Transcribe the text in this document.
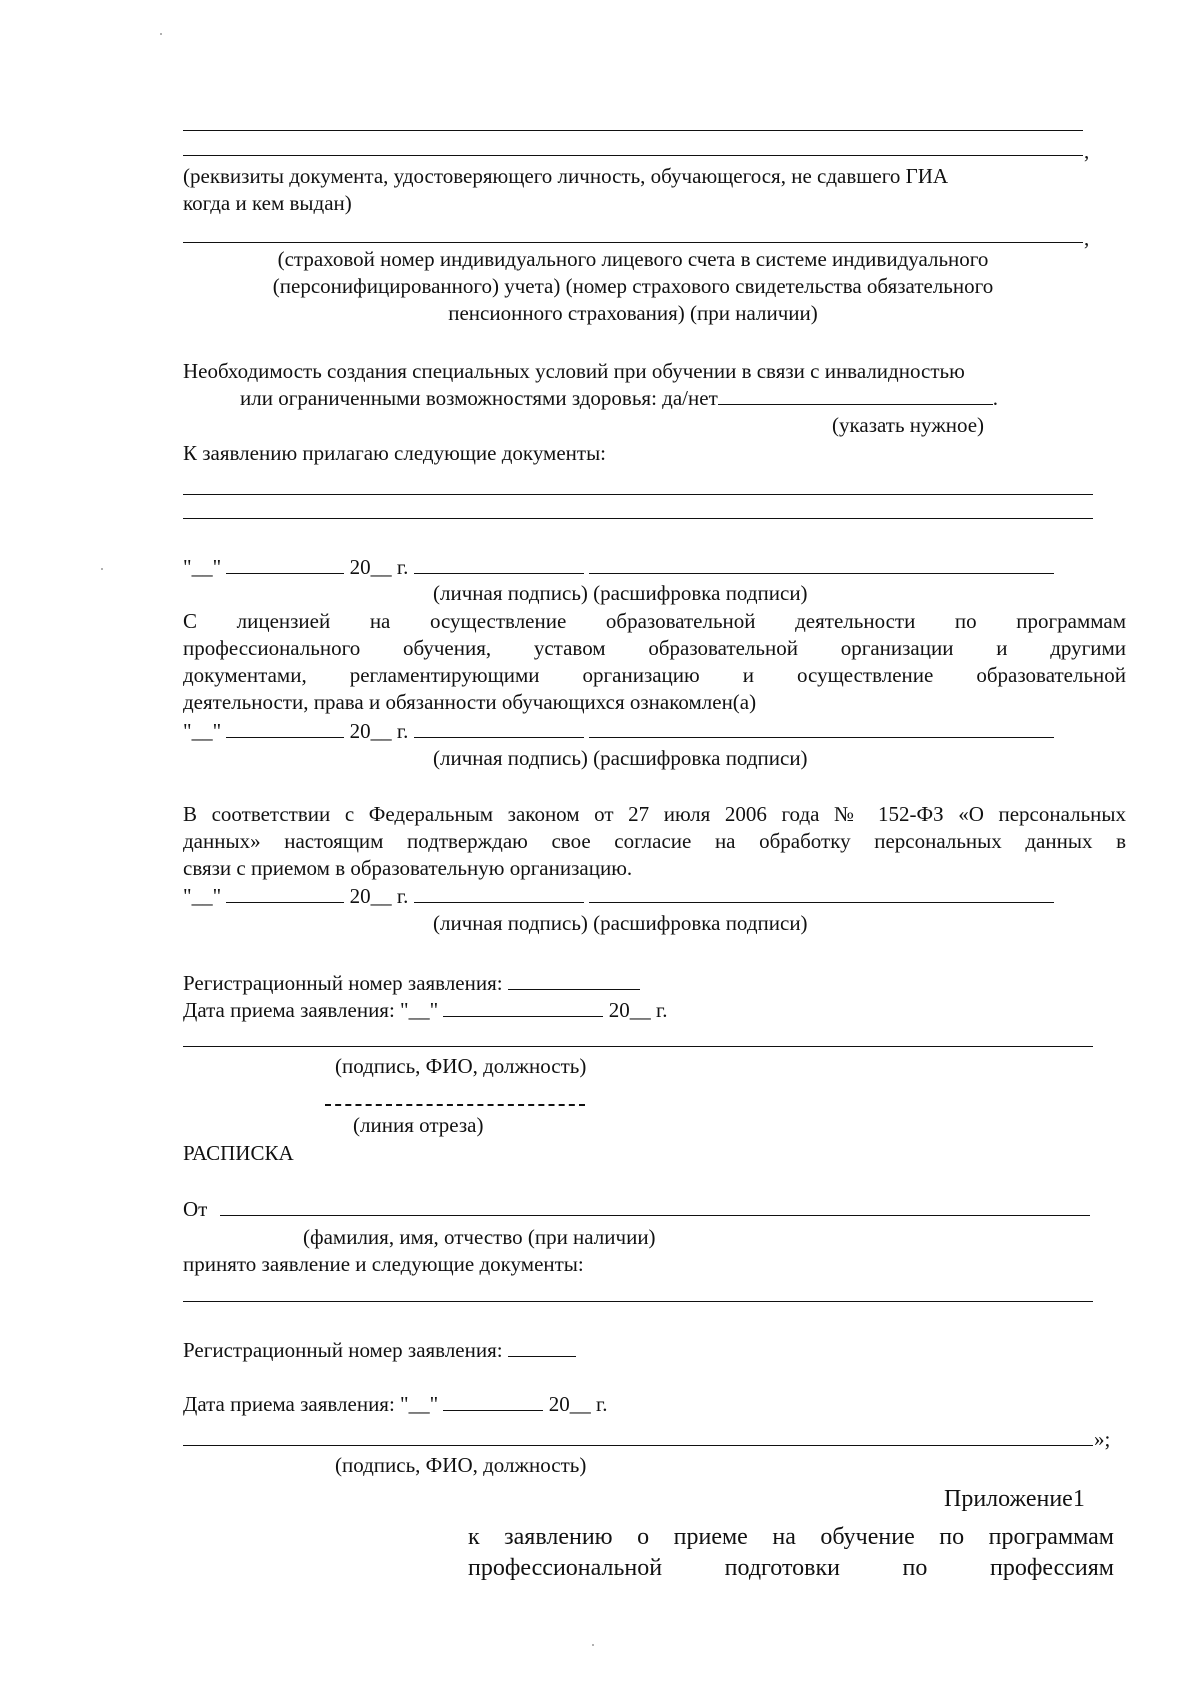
,
(реквизиты документа, удостоверяющего личность, обучающегося, не сдавшего ГИА
когда и кем выдан)
,
(страховой номер индивидуального лицевого счета в системе индивидуального
(персонифицированного) учета) (номер страхового свидетельства обязательного
пенсионного страхования) (при наличии)
Необходимость создания специальных условий при обучении в связи с инвалидностью
или ограниченными возможностями здоровья: да/нет	.
(указать нужное)
К заявлению прилагаю следующие документы:
"__"	20__ г.
(личная подпись) (расшифровка подписи)
С лицензией на осуществление образовательной деятельности по программам
профессионального обучения, уставом образовательной организации и другими
документами, регламентирующими организацию и осуществление образовательной
деятельности, права и обязанности обучающихся ознакомлен(а)
"__"	20__ г.
(личная подпись) (расшифровка подписи)
В соответствии с Федеральным законом от 27 июля 2006 года № 152-ФЗ «О персональных
данных» настоящим подтверждаю свое согласие на обработку персональных данных в
связи с приемом в образовательную организацию.
"__"	20__ г.
(личная подпись) (расшифровка подписи)
Регистрационный номер заявления:
Дата приема заявления: "__"	20__ г.
(подпись, ФИО, должность)
(линия отреза)
РАСПИСКА
От
(фамилия, имя, отчество (при наличии)
принято заявление и следующие документы:
Регистрационный номер заявления:
Дата приема заявления: "__"	20__ г.
»;
(подпись, ФИО, должность)
Приложение1
к заявлению о приеме на обучение по программам
профессиональной подготовки по профессиям
